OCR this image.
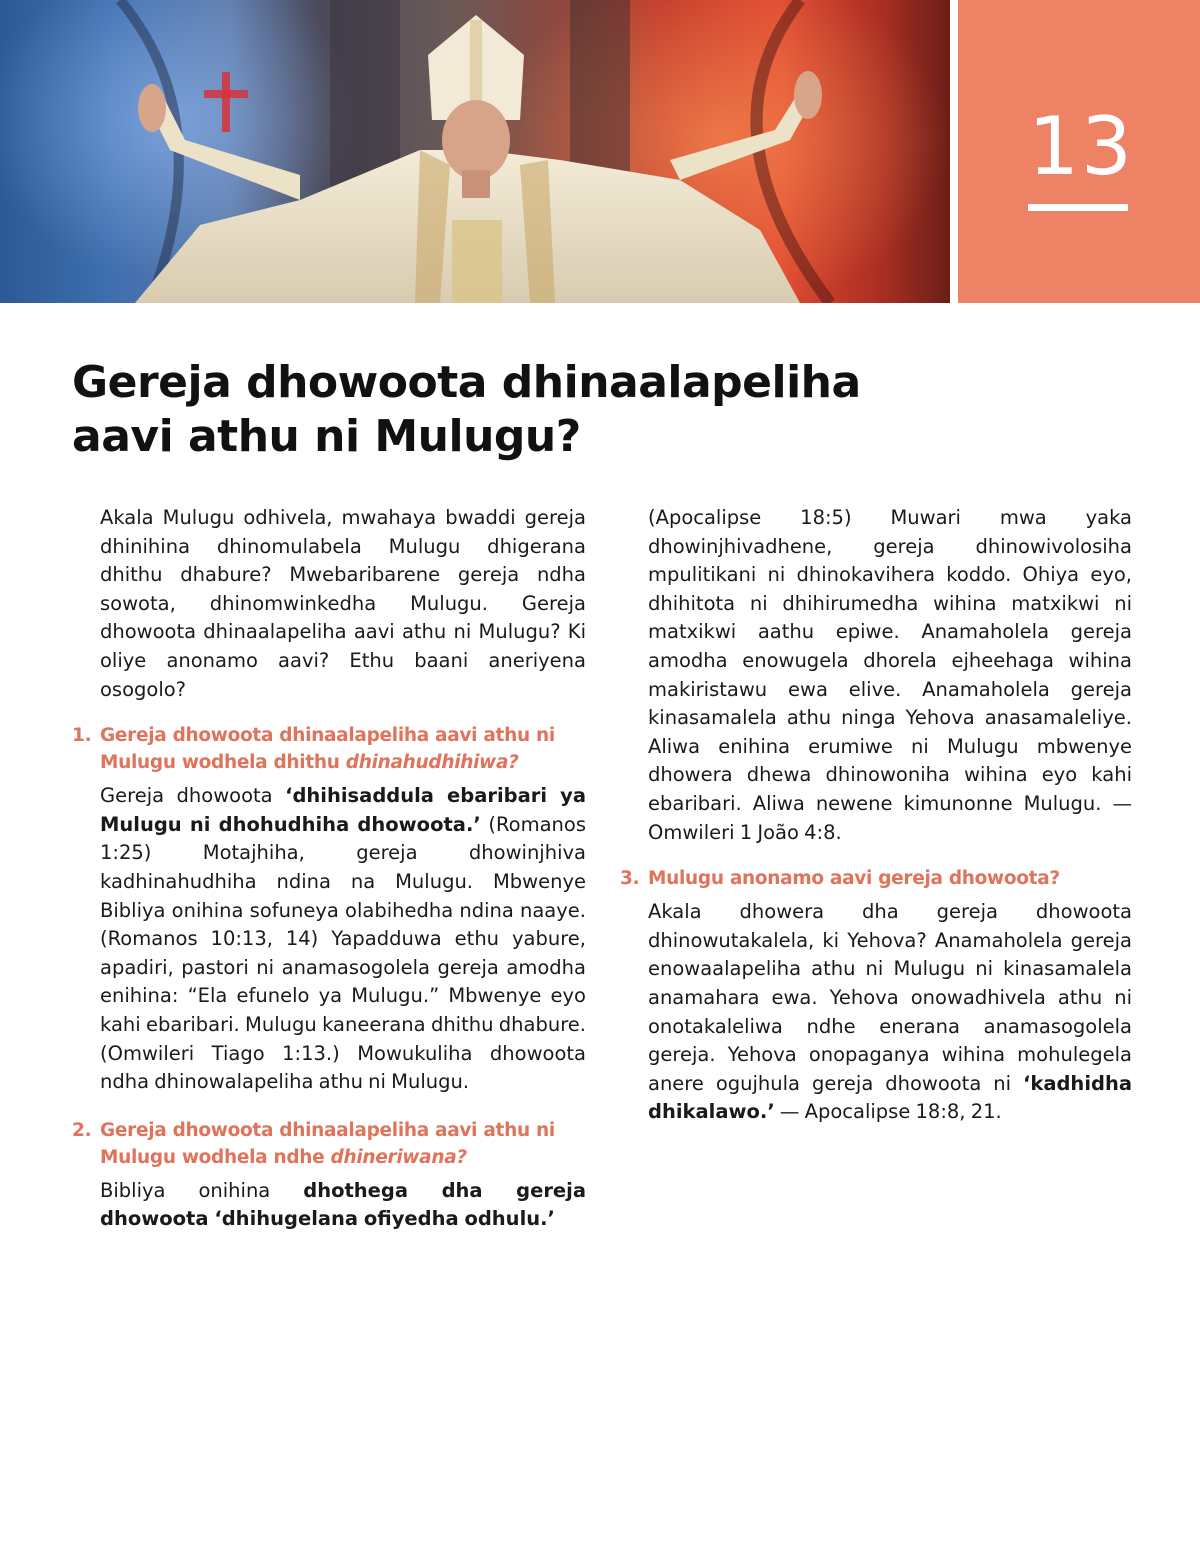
13
Gereja dhowoota dhinaalapeliha aavi athu ni Mulugu?

Akala Mulugu odhivela, mwahaya bwaddi gereja dhinihina dhinomulabela Mulugu dhigerana dhithu dhabure? Mwebaribarene gereja ndha sowota, dhinomwinkedha Mulugu. Gereja dhowoota dhinaalapeliha aavi athu ni Mulugu? Ki oliye anonamo aavi? Ethu baani aneriyena osogolo?

1. Gereja dhowoota dhinaalapeliha aavi athu ni Mulugu wodhela dhithu dhinahudhihiwa?

Gereja dhowoota ‘dhihisaddula ebaribari ya Mulugu ni dhohudhiha dhowoota.’ (Romanos 1:25) Motajhiha, gereja dhowinjhiva kadhinahudhiha ndina na Mulugu. Mbwenye Bibliya onihina sofuneya olabihedha ndina naaye. (Romanos 10:13, 14) Yapadduwa ethu yabure, apadiri, pastori ni anamasogolela gereja amodha enihina: “Ela efunelo ya Mulugu.” Mbwenye eyo kahi ebaribari. Mulugu kaneerana dhithu dhabure. (Omwileri Tiago 1:13.) Mowukuliha dhowoota ndha dhinowalapeliha athu ni Mulugu.

2. Gereja dhowoota dhinaalapeliha aavi athu ni Mulugu wodhela ndhe dhineriwana?

Bibliya onihina dhothega dha gereja dhowoota ‘dhihugelana ofiyedha odhulu.’

(Apocalipse 18:5) Muwari mwa yaka dhowinjhivadhene, gereja dhinowivolosiha mpulitikani ni dhinokavihera koddo. Ohiya eyo, dhihitota ni dhihirumedha wihina matxikwi ni matxikwi aathu epiwe. Anamaholela gereja amodha enowugela dhorela ejheehaga wihina makiristawu ewa elive. Anamaholela gereja kinasamalela athu ninga Yehova anasamaleliye. Aliwa enihina erumiwe ni Mulugu mbwenye dhowera dhewa dhinowoniha wihina eyo kahi ebaribari. Aliwa newene kimunonne Mulugu. — Omwileri 1 João 4:8.

3. Mulugu anonamo aavi gereja dhowoota?

Akala dhowera dha gereja dhowoota dhinowutakalela, ki Yehova? Anamaholela gereja enowaalapeliha athu ni Mulugu ni kinasamalela anamahara ewa. Yehova onowadhivela athu ni onotakaleliwa ndhe enerana anamasogolela gereja. Yehova onopaganya wihina mohulegela anere ogujhula gereja dhowoota ni ‘kadhidha dhikalawo.’ — Apocalipse 18:8, 21.
